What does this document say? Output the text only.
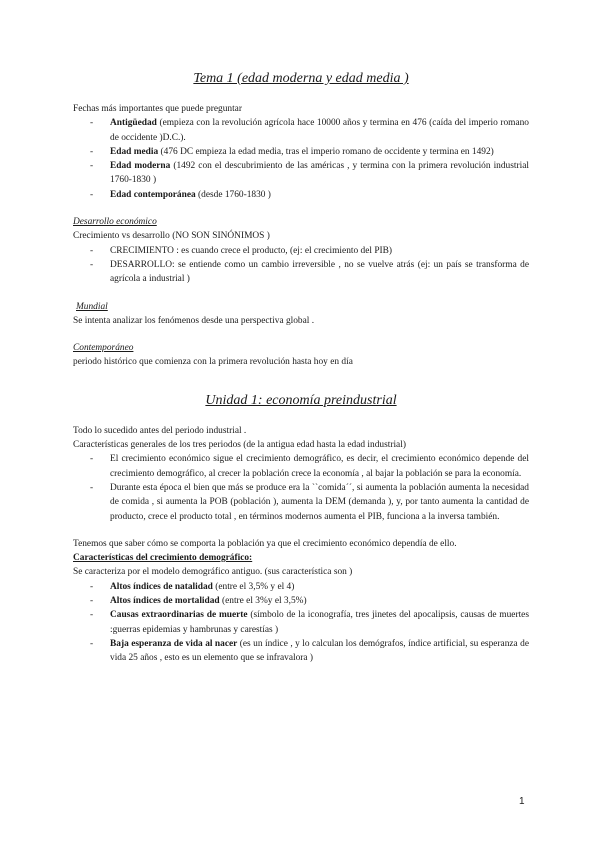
Tema 1 (edad moderna y edad media )

Fechas más importantes que puede preguntar

- Antigüedad (empieza con la revolución agrícola hace 10000 años y termina en 476 (caída del imperio romano de occidente )D.C.).
- Edad media (476 DC empieza la edad media, tras el imperio romano de occidente y termina en 1492)
- Edad moderna (1492 con el descubrimiento de las américas , y termina con la primera revolución industrial 1760-1830 )
- Edad contemporánea (desde 1760-1830 )

Desarrollo económico

Crecimiento vs desarrollo (NO SON SINÓNIMOS )

- CRECIMIENTO : es cuando crece el producto, (ej: el crecimiento del PIB)
- DESARROLLO: se entiende como un cambio irreversible , no se vuelve atrás (ej: un país se transforma de agrícola a industrial )

Mundial

Se intenta analizar los fenómenos desde una perspectiva global .

Contemporáneo

periodo histórico que comienza con la primera revolución hasta hoy en día

Unidad 1: economía preindustrial

Todo lo sucedido antes del periodo industrial .

Características generales de los tres periodos (de la antigua edad hasta la edad industrial)

- El crecimiento económico sigue el crecimiento demográfico, es decir, el crecimiento económico depende del crecimiento demográfico, al crecer la población crece la economía , al bajar la población se para la economía.
- Durante esta época el bien que más se produce era la ``comida´´, si aumenta la población aumenta la necesidad de comida , si aumenta la POB (población ), aumenta la DEM (demanda ), y, por tanto aumenta la cantidad de producto, crece el producto total , en términos modernos aumenta el PIB, funciona a la inversa también.

Tenemos que saber cómo se comporta la población ya que el crecimiento económico dependía de ello.

Características del crecimiento demográfico:

Se caracteriza por el modelo demográfico antiguo. (sus característica son )

- Altos índices de natalidad (entre el 3,5% y el 4)
- Altos índices de mortalidad (entre el 3%y el 3,5%)
- Causas extraordinarias de muerte (símbolo de la iconografía, tres jinetes del apocalipsis, causas de muertes :guerras epidemias y hambrunas y carestías )
- Baja esperanza de vida al nacer (es un índice , y lo calculan los demógrafos, índice artificial, su esperanza de vida 25 años , esto es un elemento que se infravalora )
1
